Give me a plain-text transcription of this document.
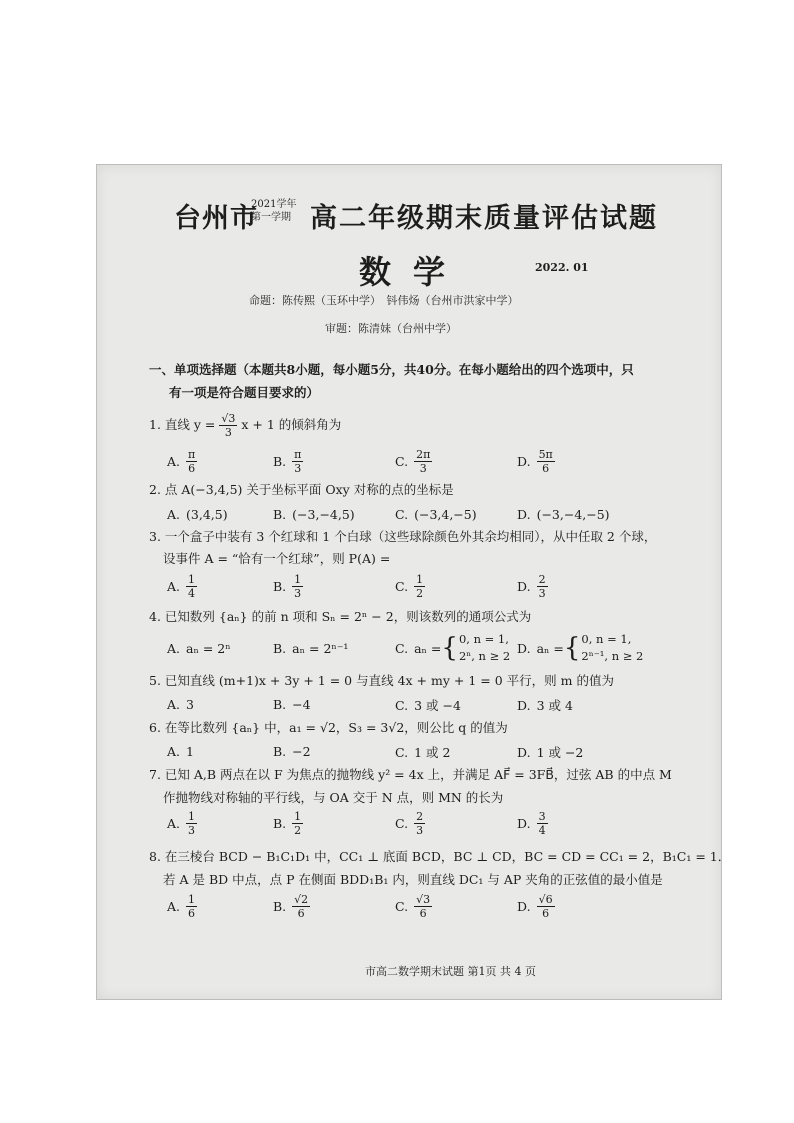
台州市
2021学年
第一学期 高二年级期末质量评估试题
数学	2022. 01
命题：陈传熙（玉环中学）　钭伟炀（台州市洪家中学）
审题：陈清妹（台州中学）
一、单项选择题（本题共8小题，每小题5分，共40分。在每小题给出的四个选项中，只
有一项是符合题目要求的）
1. 直线 $y = \frac{√3}{3}$ x + 1 的倾斜角为
A. $\frac{\pi}{6}$	B. $\frac{\pi}{3}$	C. $\frac{2\pi}{3}$	D. $\frac{5\pi}{6}$
2. 点 A(−3,4,5) 关于坐标平面 Oxy 对称的点的坐标是
A. (3,4,5)	B. (−3,−4,5)	C. (−3,4,−5)	D. (−3,−4,−5)
3. 一个盒子中装有 3 个红球和 1 个白球（这些球除颜色外其余均相同），从中任取 2 个球，
设事件 A = “恰有一个红球”，则 P(A) =
A. $\frac{1}{4}$	B. $\frac{1}{3}$	C. $\frac{1}{2}$	D. $\frac{2}{3}$
4. 已知数列 {aₙ} 的前 n 项和 Sₙ = 2ⁿ − 2，则该数列的通项公式为
A. aₙ = 2ⁿ	B. aₙ = 2ⁿ⁻¹	C. aₙ ={ 0, n = 1,
2ⁿ, n ≥ 2
D. aₙ ={ 0, n = 1,
2ⁿ⁻¹, n ≥ 2
5. 已知直线 (m+1)x + 3y + 1 = 0 与直线 4x + my + 1 = 0 平行，则 m 的值为
A. 3	B. −4	C. 3 或 −4	D. 3 或 4
6. 在等比数列 {aₙ} 中，a₁ = √2，S₃ = 3√2，则公比 q 的值为
A. 1	B. −2	C. 1 或 2	D. 1 或 −2
7. 已知 A,B 两点在以 F 为焦点的抛物线 y² = 4x 上，并满足 AF⃗ = 3FB⃗，过弦 AB 的中点 M
作抛物线对称轴的平行线，与 OA 交于 N 点，则 MN 的长为
A. $\frac{1}{3}$	B. $\frac{1}{2}$	C. $\frac{2}{3}$	D. $\frac{3}{4}$
8. 在三棱台 BCD − B₁C₁D₁ 中，CC₁ ⊥ 底面 BCD，BC ⊥ CD，BC = CD = CC₁ = 2，B₁C₁ = 1．
若 A 是 BD 中点，点 P 在侧面 BDD₁B₁ 内，则直线 DC₁ 与 AP 夹角的正弦值的最小值是
A. $\frac{1}{6}$	B. $\frac{√2}{6}$	C. $\frac{√3}{6}$	D. $\frac{√6}{6}$
市高二数学期末试题 第1页 共 4 页
